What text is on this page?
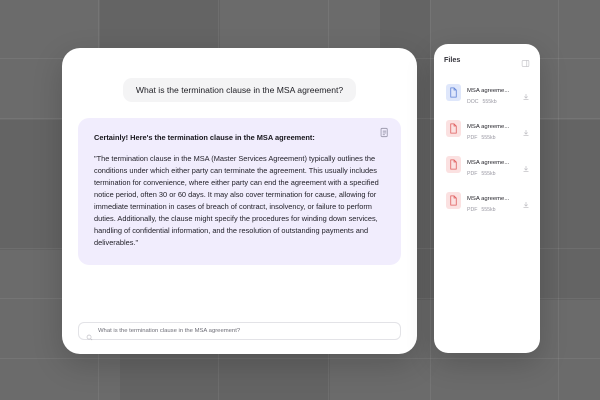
What is the termination clause in the MSA agreement?

Certainly! Here's the termination clause in the MSA agreement:

"The termination clause in the MSA (Master Services Agreement) typically outlines the conditions under which either party can terminate the agreement. This usually includes termination for convenience, where either party can end the agreement with a specified notice period, often 30 or 60 days. It may also cover termination for cause, allowing for immediate termination in cases of breach of contract, insolvency, or failure to perform duties. Additionally, the clause might specify the procedures for winding down services, handling of confidential information, and the resolution of outstanding payments and deliverables."

What is the termination clause in the MSA agreement?
Files
MSA agreeme...
DOC 555kb
MSA agreeme...
PDF 555kb
MSA agreeme...
PDF 555kb
MSA agreeme...
PDF 555kb
